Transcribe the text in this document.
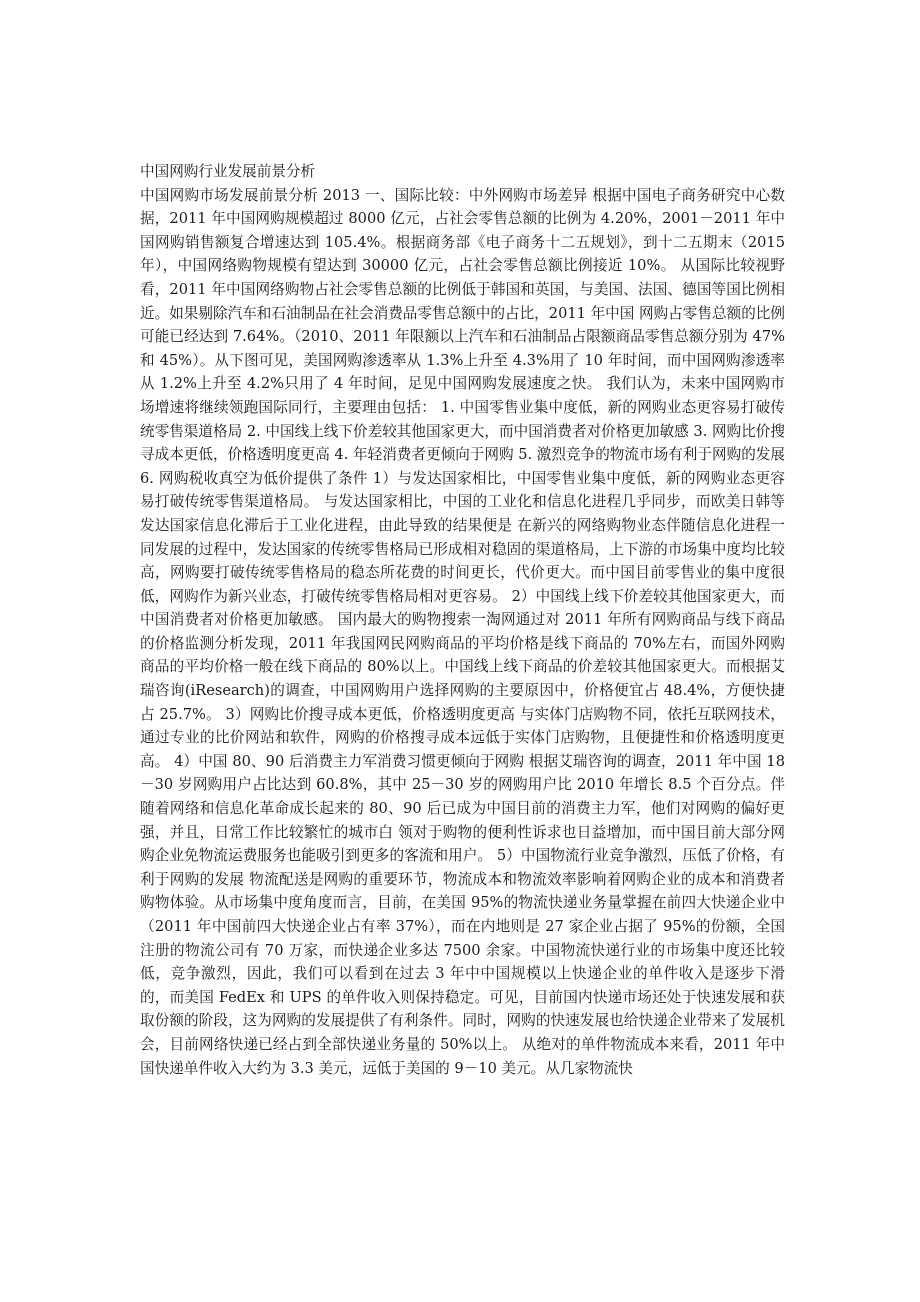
中国网购行业发展前景分析

中国网购市场发展前景分析 2013 一、国际比较：中外网购市场差异 根据中国电子商务研究中心数据，2011 年中国网购规模超过 8000 亿元，占社会零售总额的比例为 4.20%，2001－2011 年中国网购销售额复合增速达到 105.4%。根据商务部《电子商务十二五规划》，到十二五期末（2015 年），中国网络购物规模有望达到 30000 亿元，占社会零售总额比例接近 10%。 从国际比较视野看，2011 年中国网络购物占社会零售总额的比例低于韩国和英国，与美国、法国、德国等国比例相近。如果剔除汽车和石油制品在社会消费品零售总额中的占比，2011 年中国 网购占零售总额的比例可能已经达到 7.64%。（2010、2011 年限额以上汽车和石油制品占限额商品零售总额分别为 47%和 45%）。从下图可见，美国网购渗透率从 1.3%上升至 4.3%用了 10 年时间，而中国网购渗透率从 1.2%上升至 4.2%只用了 4 年时间，足见中国网购发展速度之快。 我们认为，未来中国网购市场增速将继续领跑国际同行，主要理由包括： 1. 中国零售业集中度低，新的网购业态更容易打破传统零售渠道格局 2. 中国线上线下价差较其他国家更大，而中国消费者对价格更加敏感 3. 网购比价搜寻成本更低，价格透明度更高 4. 年轻消费者更倾向于网购 5. 激烈竞争的物流市场有利于网购的发展 6. 网购税收真空为低价提供了条件 1）与发达国家相比，中国零售业集中度低，新的网购业态更容易打破传统零售渠道格局。 与发达国家相比，中国的工业化和信息化进程几乎同步，而欧美日韩等发达国家信息化滞后于工业化进程，由此导致的结果便是 在新兴的网络购物业态伴随信息化进程一同发展的过程中，发达国家的传统零售格局已形成相对稳固的渠道格局，上下游的市场集中度均比较高，网购要打破传统零售格局的稳态所花费的时间更长，代价更大。而中国目前零售业的集中度很低，网购作为新兴业态，打破传统零售格局相对更容易。 2）中国线上线下价差较其他国家更大，而中国消费者对价格更加敏感。 国内最大的购物搜索一淘网通过对 2011 年所有网购商品与线下商品的价格监测分析发现，2011 年我国网民网购商品的平均价格是线下商品的 70%左右，而国外网购商品的平均价格一般在线下商品的 80%以上。中国线上线下商品的价差较其他国家更大。而根据艾瑞咨询(iResearch)的调查，中国网购用户选择网购的主要原因中，价格便宜占 48.4%，方便快捷占 25.7%。 3）网购比价搜寻成本更低，价格透明度更高 与实体门店购物不同，依托互联网技术，通过专业的比价网站和软件，网购的价格搜寻成本远低于实体门店购物，且便捷性和价格透明度更高。 4）中国 80、90 后消费主力军消费习惯更倾向于网购 根据艾瑞咨询的调查，2011 年中国 18－30 岁网购用户占比达到 60.8%，其中 25－30 岁的网购用户比 2010 年增长 8.5 个百分点。伴随着网络和信息化革命成长起来的 80、90 后已成为中国目前的消费主力军，他们对网购的偏好更强，并且，日常工作比较繁忙的城市白 领对于购物的便利性诉求也日益增加，而中国目前大部分网购企业免物流运费服务也能吸引到更多的客流和用户。 5）中国物流行业竞争激烈，压低了价格，有利于网购的发展 物流配送是网购的重要环节，物流成本和物流效率影响着网购企业的成本和消费者购物体验。从市场集中度角度而言，目前，在美国 95%的物流快递业务量掌握在前四大快递企业中（2011 年中国前四大快递企业占有率 37%），而在内地则是 27 家企业占据了 95%的份额，全国注册的物流公司有 70 万家，而快递企业多达 7500 余家。中国物流快递行业的市场集中度还比较低，竞争激烈，因此，我们可以看到在过去 3 年中中国规模以上快递企业的单件收入是逐步下滑的，而美国 FedEx 和 UPS 的单件收入则保持稳定。可见，目前国内快递市场还处于快速发展和获取份额的阶段，这为网购的发展提供了有利条件。同时，网购的快速发展也给快递企业带来了发展机会，目前网络快递已经占到全部快递业务量的 50%以上。 从绝对的单件物流成本来看，2011 年中国快递单件收入大约为 3.3 美元，远低于美国的 9－10 美元。从几家物流快
